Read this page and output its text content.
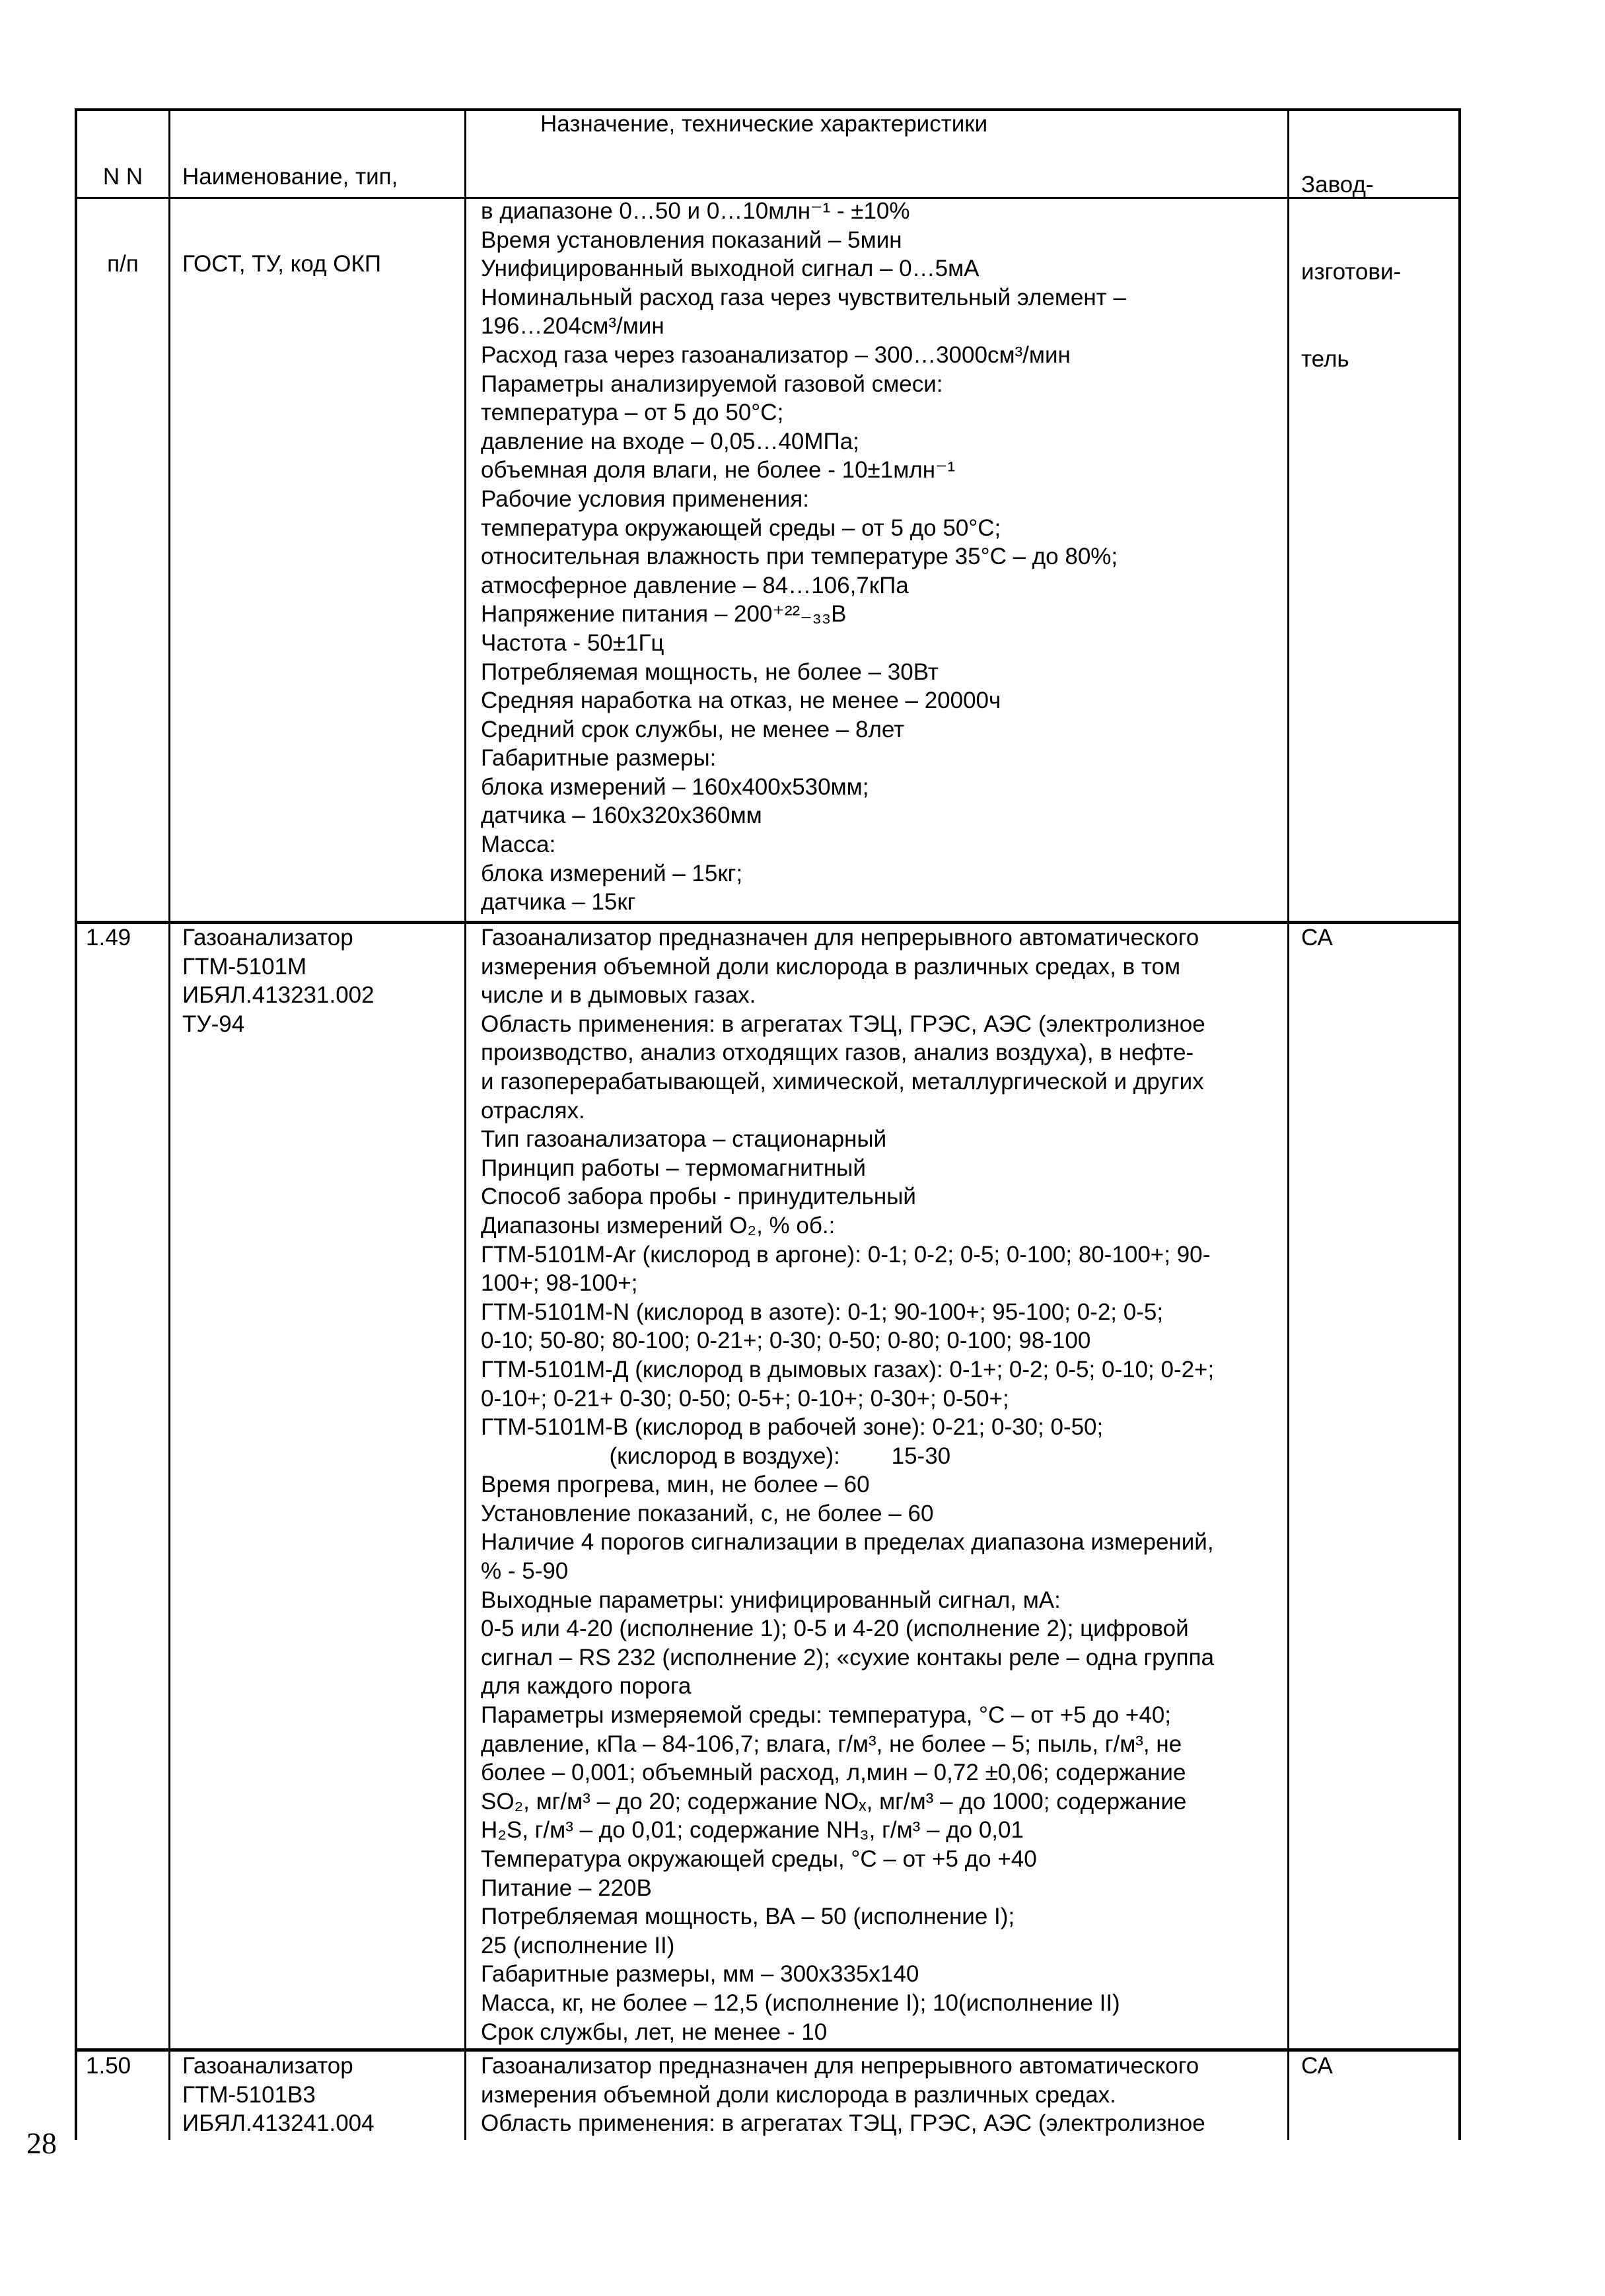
N N

п/п

Наименование, тип,

ГОСТ, ТУ, код ОКП

Назначение, технические характеристики

Завод-

изготови-

тель

в диапазоне 0…50 и 0…10млн⁻¹ - ±10%
Время установления показаний – 5мин
Унифицированный выходной сигнал – 0…5мА
Номинальный расход газа через чувствительный элемент –
196…204см³/мин
Расход газа через газоанализатор – 300…3000см³/мин
Параметры анализируемой газовой смеси:
температура – от 5 до 50°С;
давление на входе – 0,05…40МПа;
объемная доля влаги, не более - 10±1млн⁻¹
Рабочие условия применения:
температура окружающей среды – от 5 до 50°С;
относительная влажность при температуре 35°С – до 80%;
атмосферное давление – 84…106,7кПа
Напряжение питания – 200⁺²²₋₃₃В
Частота - 50±1Гц
Потребляемая мощность, не более – 30Вт
Средняя наработка на отказ, не менее – 20000ч
Средний срок службы, не менее – 8лет
Габаритные размеры:
блока измерений – 160х400х530мм;
датчика – 160х320х360мм
Масса:
блока измерений – 15кг;
датчика – 15кг
1.49 Газоанализатор
ГТМ-5101М
ИБЯЛ.413231.002
ТУ-94
Газоанализатор предназначен для непрерывного автоматического
измерения объемной доли кислорода в различных средах, в том
числе и в дымовых газах.
Область применения: в агрегатах ТЭЦ, ГРЭС, АЭС (электролизное
производство, анализ отходящих газов, анализ воздуха), в нефте-
и газоперерабатывающей, химической, металлургической и других
отраслях.
Тип газоанализатора – стационарный
Принцип работы – термомагнитный
Способ забора пробы - принудительный
Диапазоны измерений О₂, % об.:
ГТМ-5101М-Ar (кислород в аргоне): 0-1; 0-2; 0-5; 0-100; 80-100+; 90-
100+; 98-100+;
ГТМ-5101М-N (кислород в азоте): 0-1; 90-100+; 95-100; 0-2; 0-5;
0-10; 50-80; 80-100; 0-21+; 0-30; 0-50; 0-80; 0-100; 98-100
ГТМ-5101М-Д (кислород в дымовых газах): 0-1+; 0-2; 0-5; 0-10; 0-2+;
0-10+; 0-21+ 0-30; 0-50; 0-5+; 0-10+; 0-30+; 0-50+;
ГТМ-5101М-В (кислород в рабочей зоне): 0-21; 0-30; 0-50;
(кислород в воздухе):        15-30
Время прогрева, мин, не более – 60
Установление показаний, с, не более – 60
Наличие 4 порогов сигнализации в пределах диапазона измерений,
% - 5-90
Выходные параметры: унифицированный сигнал, мА:
0-5 или 4-20 (исполнение 1); 0-5 и 4-20 (исполнение 2); цифровой
сигнал – RS 232 (исполнение 2); «сухие контакы реле – одна группа
для каждого порога
Параметры измеряемой среды: температура, °С – от +5 до +40;
давление, кПа – 84-106,7; влага, г/м³, не более – 5; пыль, г/м³, не
более – 0,001; объемный расход, л,мин – 0,72 ±0,06; содержание
SO₂, мг/м³ – до 20; содержание NOₓ, мг/м³ – до 1000; содержание
H₂S, г/м³ – до 0,01; содержание NH₃, г/м³ – до 0,01
Температура окружающей среды, °С – от +5 до +40
Питание – 220В
Потребляемая мощность, ВА – 50 (исполнение I);
25 (исполнение II)
Габаритные размеры, мм – 300х335х140
Масса, кг, не более – 12,5 (исполнение I); 10(исполнение II)
Срок службы, лет, не менее - 10
СА
1.50 Газоанализатор
ГТМ-5101В3
ИБЯЛ.413241.004
Газоанализатор предназначен для непрерывного автоматического
измерения объемной доли кислорода в различных средах.
Область применения: в агрегатах ТЭЦ, ГРЭС, АЭС (электролизное
СА
28
